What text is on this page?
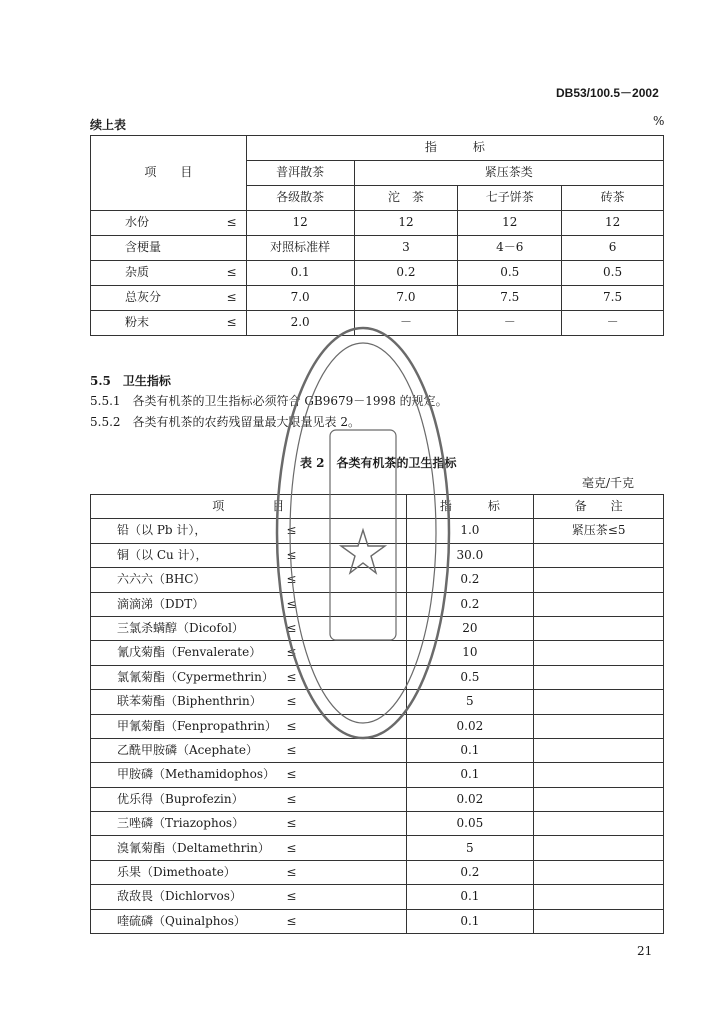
DB53/100.5－2002
续上表	%
项　　目	指　　　标			
	普洱散茶	紧压茶类		
	各级散茶	沱　茶	七子饼茶	砖茶
水份 ≤	12	12	12	12
含梗量	对照标准样	3	4－6	6
杂质 ≤	0.1	0.2	0.5	0.5
总灰分 ≤	7.0	7.0	7.5	7.5
粉末 ≤	2.0	－	－	－
5.5　卫生指标
5.5.1　各类有机茶的卫生指标必须符合 GB9679－1998 的规定。
5.5.2　各类有机茶的农药残留量最大限量见表 2。
表 2　各类有机茶的卫生指标
毫克/千克
项　　　　目		指　　　标	备　　注
铅（以 Pb 计），	≤	1.0	紧压茶≤5
铜（以 Cu 计），	≤	30.0	
六六六（BHC）	≤	0.2	
滴滴涕（DDT）	≤	0.2	
三氯杀螨醇（Dicofol）	≤	20	
氰戊菊酯（Fenvalerate）	≤	10	
氯氰菊酯（Cypermethrin）	≤	0.5	
联苯菊酯（Biphenthrin）	≤	5	
甲氰菊酯（Fenpropathrin）	≤	0.02	
乙酰甲胺磷（Acephate）	≤	0.1	
甲胺磷（Methamidophos）	≤	0.1	
优乐得（Buprofezin）	≤	0.02	
三唑磷（Triazophos）	≤	0.05	
溴氰菊酯（Deltamethrin）	≤	5	
乐果（Dimethoate）	≤	0.2	
敌敌畏（Dichlorvos）	≤	0.1	
喹硫磷（Quinalphos）	≤	0.1	
21
